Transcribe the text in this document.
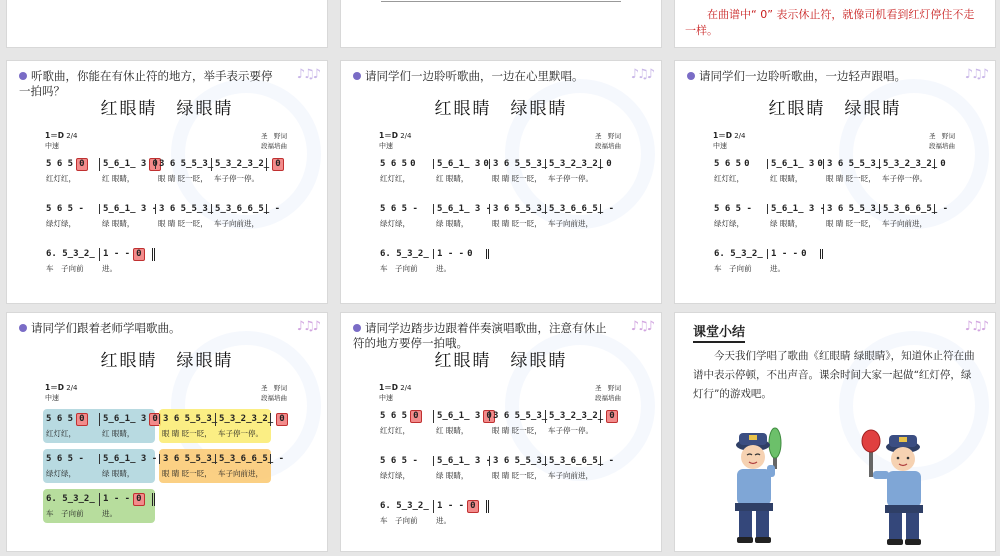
在曲谱中“ 0” 表示休止符，就像司机看到红灯停住不走一样。
♪♫♪
听歌曲，你能在有休止符的地方，举手表示要停一拍吗？
红眼睛　绿眼睛
1＝D 2/4
中速
圣　野词
段福培曲
5 6 5 0	5̲6̲1̲ 3 0 3 6 5̲5̲3̲ 5̲3̲2̲3̲2̲ 0
红灯红，	红 眼睛，	眼 睛 眨一眨， 车子停一停。
5 6 5 -	5̲6̲1̲ 3 - 3 6 5̲5̲3̲ 5̲3̲6̲6̲5̲ -
绿灯绿，	绿 眼睛，	眼 睛 眨一眨， 车子向前进，
6. 5̲3̲2̲ 1 - - 0
车　子向前	进。
♪♫♪
请同学们一边聆听歌曲，一边在心里默唱。
红眼睛　绿眼睛
1＝D 2/4
中速
圣　野词
段福培曲
5 6 5 0	5̲6̲1̲ 3 0 3 6 5̲5̲3̲ 5̲3̲2̲3̲2̲ 0
红灯红，	红 眼睛，	眼 睛 眨一眨， 车子停一停。
5 6 5 -	5̲6̲1̲ 3 - 3 6 5̲5̲3̲ 5̲3̲6̲6̲5̲ -
绿灯绿，	绿 眼睛，	眼 睛 眨一眨， 车子向前进，
6. 5̲3̲2̲ 1 - - 0
车　子向前	进。
♪♫♪
请同学们一边聆听歌曲，一边轻声跟唱。
红眼睛　绿眼睛
1＝D 2/4
中速
圣　野词
段福培曲
5 6 5 0	5̲6̲1̲ 3 0 3 6 5̲5̲3̲ 5̲3̲2̲3̲2̲ 0
红灯红，	红 眼睛，	眼 睛 眨一眨， 车子停一停。
5 6 5 -	5̲6̲1̲ 3 - 3 6 5̲5̲3̲ 5̲3̲6̲6̲5̲ -
绿灯绿，	绿 眼睛，	眼 睛 眨一眨， 车子向前进，
6. 5̲3̲2̲ 1 - - 0
车　子向前	进。
♪♫♪
请同学们跟着老师学唱歌曲。
红眼睛　绿眼睛
1＝D 2/4
中速
圣　野词
段福培曲
5 6 5 0	5̲6̲1̲ 3 0
红灯红，	红 眼睛，
3 6 5̲5̲3̲ 5̲3̲2̲3̲2̲ 0
眼 睛 眨一眨， 车子停一停。
5 6 5 -	5̲6̲1̲ 3 -
绿灯绿，	绿 眼睛，
3 6 5̲5̲3̲ 5̲3̲6̲6̲5̲ -
眼 睛 眨一眨， 车子向前进，
6. 5̲3̲2̲ 1 - - 0
车　子向前	进。
♪♫♪
请同学边踏步边跟着伴奏演唱歌曲，注意有休止符的地方要停一拍哦。
红眼睛　绿眼睛
1＝D 2/4
中速
圣　野词
段福培曲
5 6 5 0	5̲6̲1̲ 3 0 3 6 5̲5̲3̲ 5̲3̲2̲3̲2̲ 0
红灯红，	红 眼睛，	眼 睛 眨一眨， 车子停一停。
5 6 5 -	5̲6̲1̲ 3 - 3 6 5̲5̲3̲ 5̲3̲6̲6̲5̲ -
绿灯绿，	绿 眼睛，	眼 睛 眨一眨， 车子向前进，
6. 5̲3̲2̲ 1 - - 0
车　子向前	进。
♪♫♪
课堂小结
今天我们学唱了歌曲《红眼睛 绿眼睛》，知道休止符在曲谱中表示停顿，不出声音。课余时间大家一起做“红灯停，绿灯行”的游戏吧。
